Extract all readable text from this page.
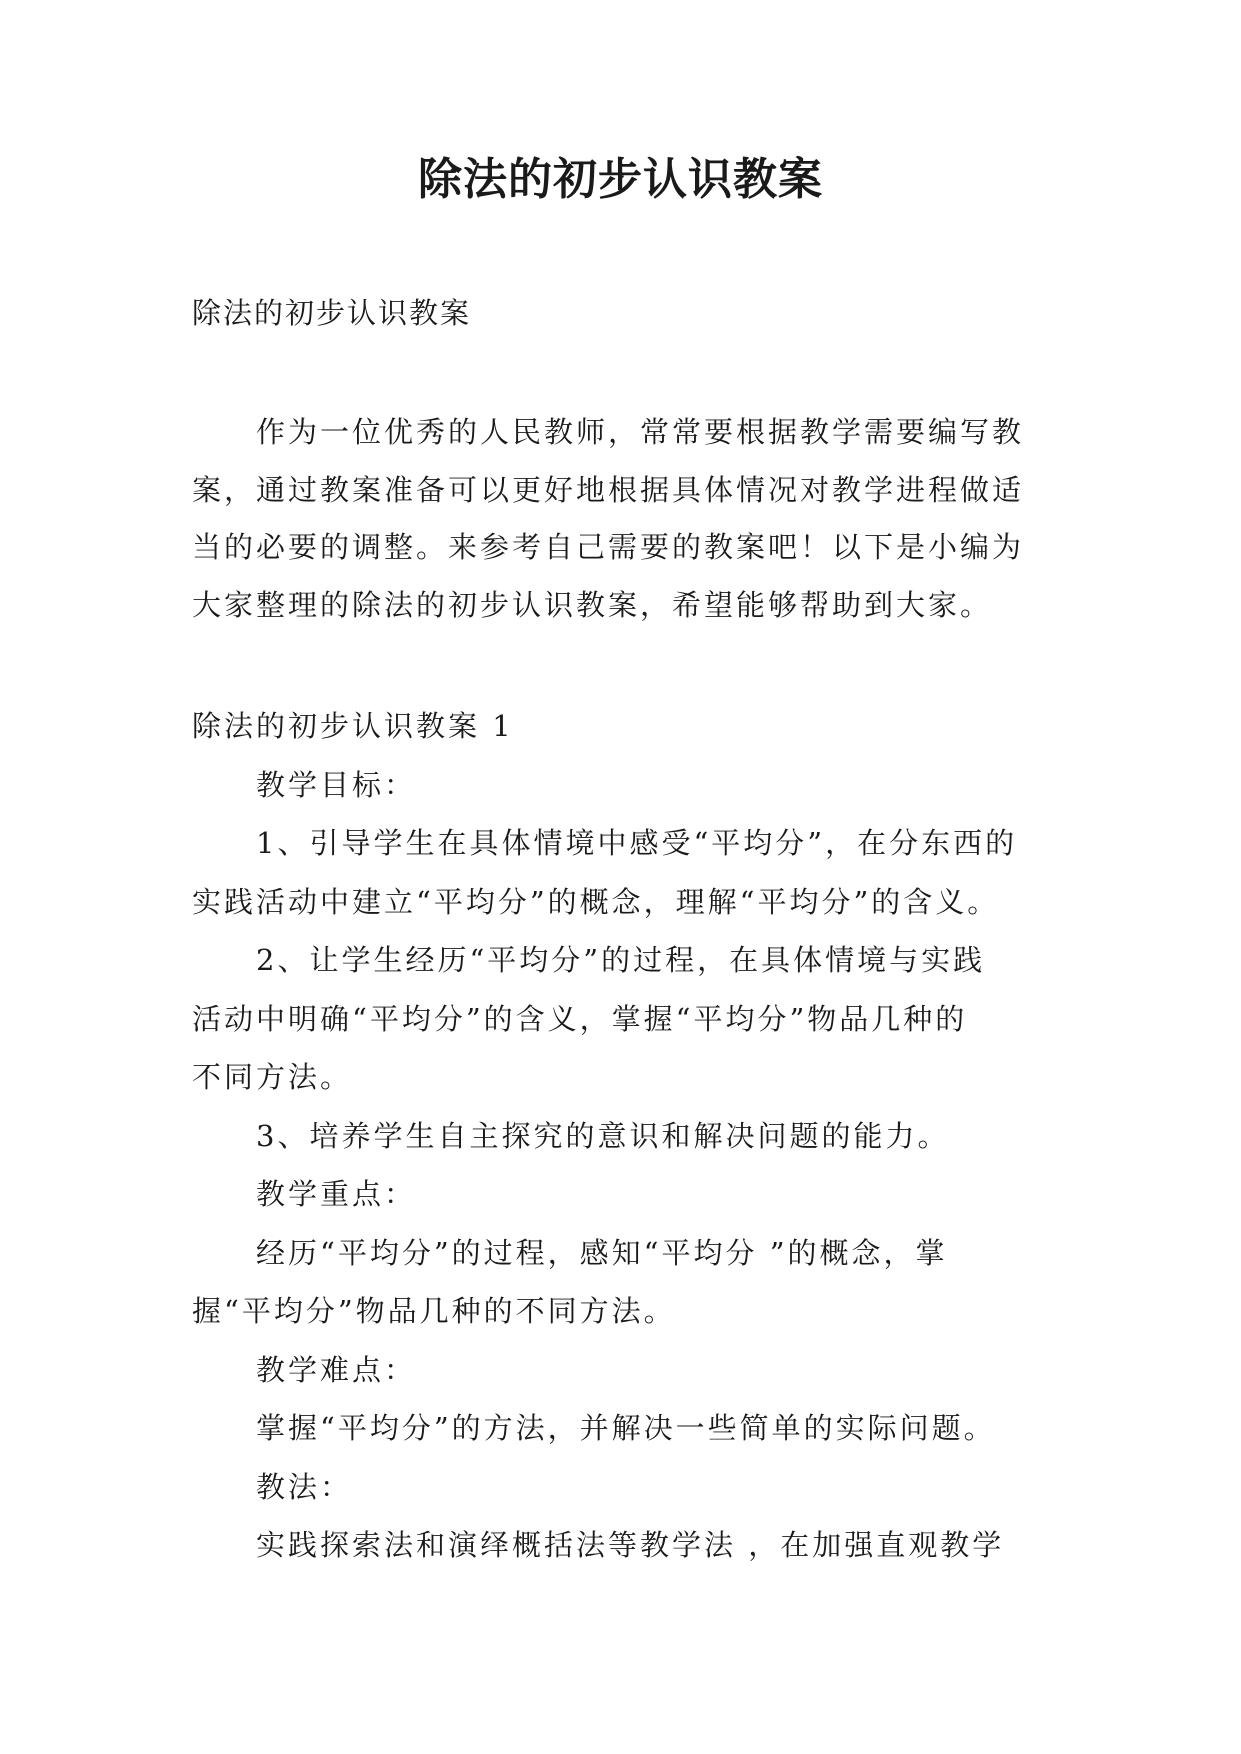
除法的初步认识教案
除法的初步认识教案
作为一位优秀的人民教师，常常要根据教学需要编写教
案，通过教案准备可以更好地根据具体情况对教学进程做适
当的必要的调整。来参考自己需要的教案吧！以下是小编为
大家整理的除法的初步认识教案，希望能够帮助到大家。
除法的初步认识教案 1
教学目标：
1、引导学生在具体情境中感受“平均分”，在分东西的
实践活动中建立“平均分”的概念，理解“平均分”的含义。
2、让学生经历“平均分”的过程，在具体情境与实践
活动中明确“平均分”的含义，掌握“平均分”物品几种的
不同方法。
3、培养学生自主探究的意识和解决问题的能力。
教学重点：
经历“平均分”的过程，感知“平均分 ”的概念，掌
握“平均分”物品几种的不同方法。
教学难点：
掌握“平均分”的方法，并解决一些简单的实际问题。
教法：
实践探索法和演绎概括法等教学法 ，在加强直观教学
